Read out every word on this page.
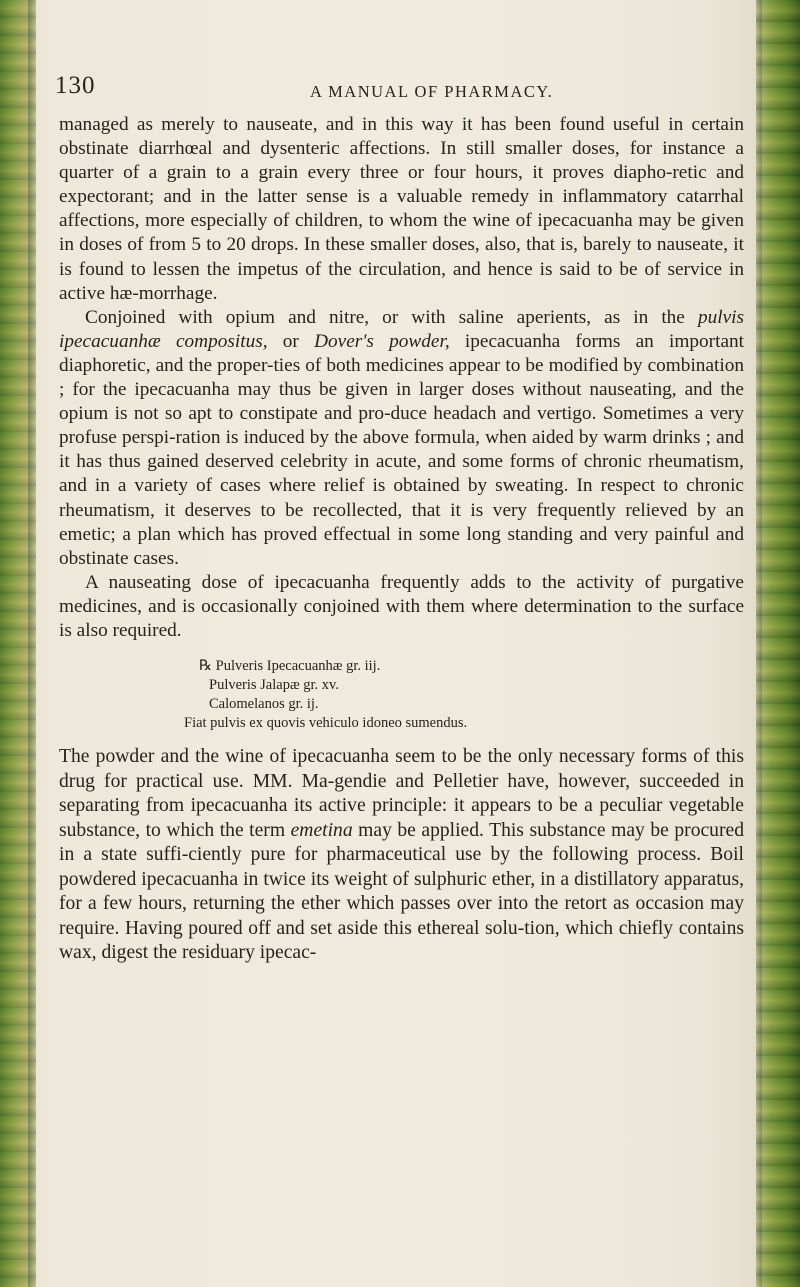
130	A MANUAL OF PHARMACY.

managed as merely to nauseate, and in this way it has been found useful in certain obstinate diarrhœal and dysenteric affections. In still smaller doses, for instance a quarter of a grain to a grain every three or four hours, it proves diapho-retic and expectorant; and in the latter sense is a valuable remedy in inflammatory catarrhal affections, more especially of children, to whom the wine of ipecacuanha may be given in doses of from 5 to 20 drops. In these smaller doses, also, that is, barely to nauseate, it is found to lessen the impetus of the circulation, and hence is said to be of service in active hæ-morrhage.

Conjoined with opium and nitre, or with saline aperients, as in the pulvis ipecacuanhæ compositus, or Dover's powder, ipecacuanha forms an important diaphoretic, and the proper-ties of both medicines appear to be modified by combination ; for the ipecacuanha may thus be given in larger doses without nauseating, and the opium is not so apt to constipate and pro-duce headach and vertigo. Sometimes a very profuse perspi-ration is induced by the above formula, when aided by warm drinks ; and it has thus gained deserved celebrity in acute, and some forms of chronic rheumatism, and in a variety of cases where relief is obtained by sweating. In respect to chronic rheumatism, it deserves to be recollected, that it is very frequently relieved by an emetic; a plan which has proved effectual in some long standing and very painful and obstinate cases.

A nauseating dose of ipecacuanha frequently adds to the activity of purgative medicines, and is occasionally conjoined with them where determination to the surface is also required.

℞ Pulveris Ipecacuanhæ gr. iij.
Pulveris Jalapæ gr. xv.
Calomelanos gr. ij.
Fiat pulvis ex quovis vehiculo idoneo sumendus.

The powder and the wine of ipecacuanha seem to be the only necessary forms of this drug for practical use. MM. Ma-gendie and Pelletier have, however, succeeded in separating from ipecacuanha its active principle: it appears to be a peculiar vegetable substance, to which the term emetina may be applied. This substance may be procured in a state suffi-ciently pure for pharmaceutical use by the following process. Boil powdered ipecacuanha in twice its weight of sulphuric ether, in a distillatory apparatus, for a few hours, returning the ether which passes over into the retort as occasion may require. Having poured off and set aside this ethereal solu-tion, which chiefly contains wax, digest the residuary ipecac-
